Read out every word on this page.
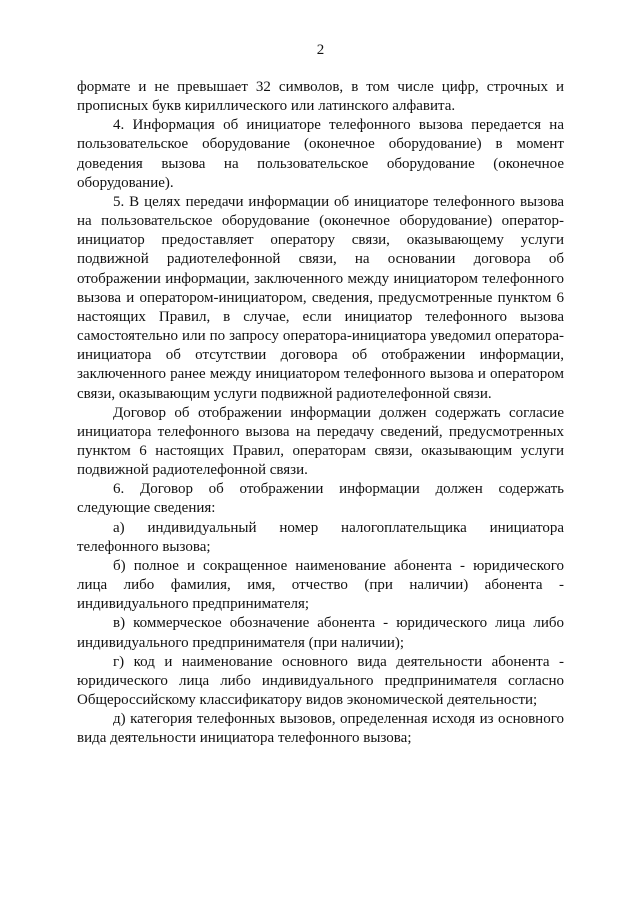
2

формате и не превышает 32 символов, в том числе цифр, строчных и прописных букв кириллического или латинского алфавита.

4. Информация об инициаторе телефонного вызова передается на пользовательское оборудование (оконечное оборудование) в момент доведения вызова на пользовательское оборудование (оконечное оборудование).

5. В целях передачи информации об инициаторе телефонного вызова на пользовательское оборудование (оконечное оборудование) оператор-инициатор предоставляет оператору связи, оказывающему услуги подвижной радиотелефонной связи, на основании договора об отображении информации, заключенного между инициатором телефонного вызова и оператором-инициатором, сведения, предусмотренные пунктом 6 настоящих Правил, в случае, если инициатор телефонного вызова самостоятельно или по запросу оператора-инициатора уведомил оператора-инициатора об отсутствии договора об отображении информации, заключенного ранее между инициатором телефонного вызова и оператором связи, оказывающим услуги подвижной радиотелефонной связи.

Договор об отображении информации должен содержать согласие инициатора телефонного вызова на передачу сведений, предусмотренных пунктом 6 настоящих Правил, операторам связи, оказывающим услуги подвижной радиотелефонной связи.

6. Договор об отображении информации должен содержать следующие сведения:

а) индивидуальный номер налогоплательщика инициатора телефонного вызова;

б) полное и сокращенное наименование абонента - юридического лица либо фамилия, имя, отчество (при наличии) абонента - индивидуального предпринимателя;

в) коммерческое обозначение абонента - юридического лица либо индивидуального предпринимателя (при наличии);

г) код и наименование основного вида деятельности абонента - юридического лица либо индивидуального предпринимателя согласно Общероссийскому классификатору видов экономической деятельности;

д) категория телефонных вызовов, определенная исходя из основного вида деятельности инициатора телефонного вызова;
